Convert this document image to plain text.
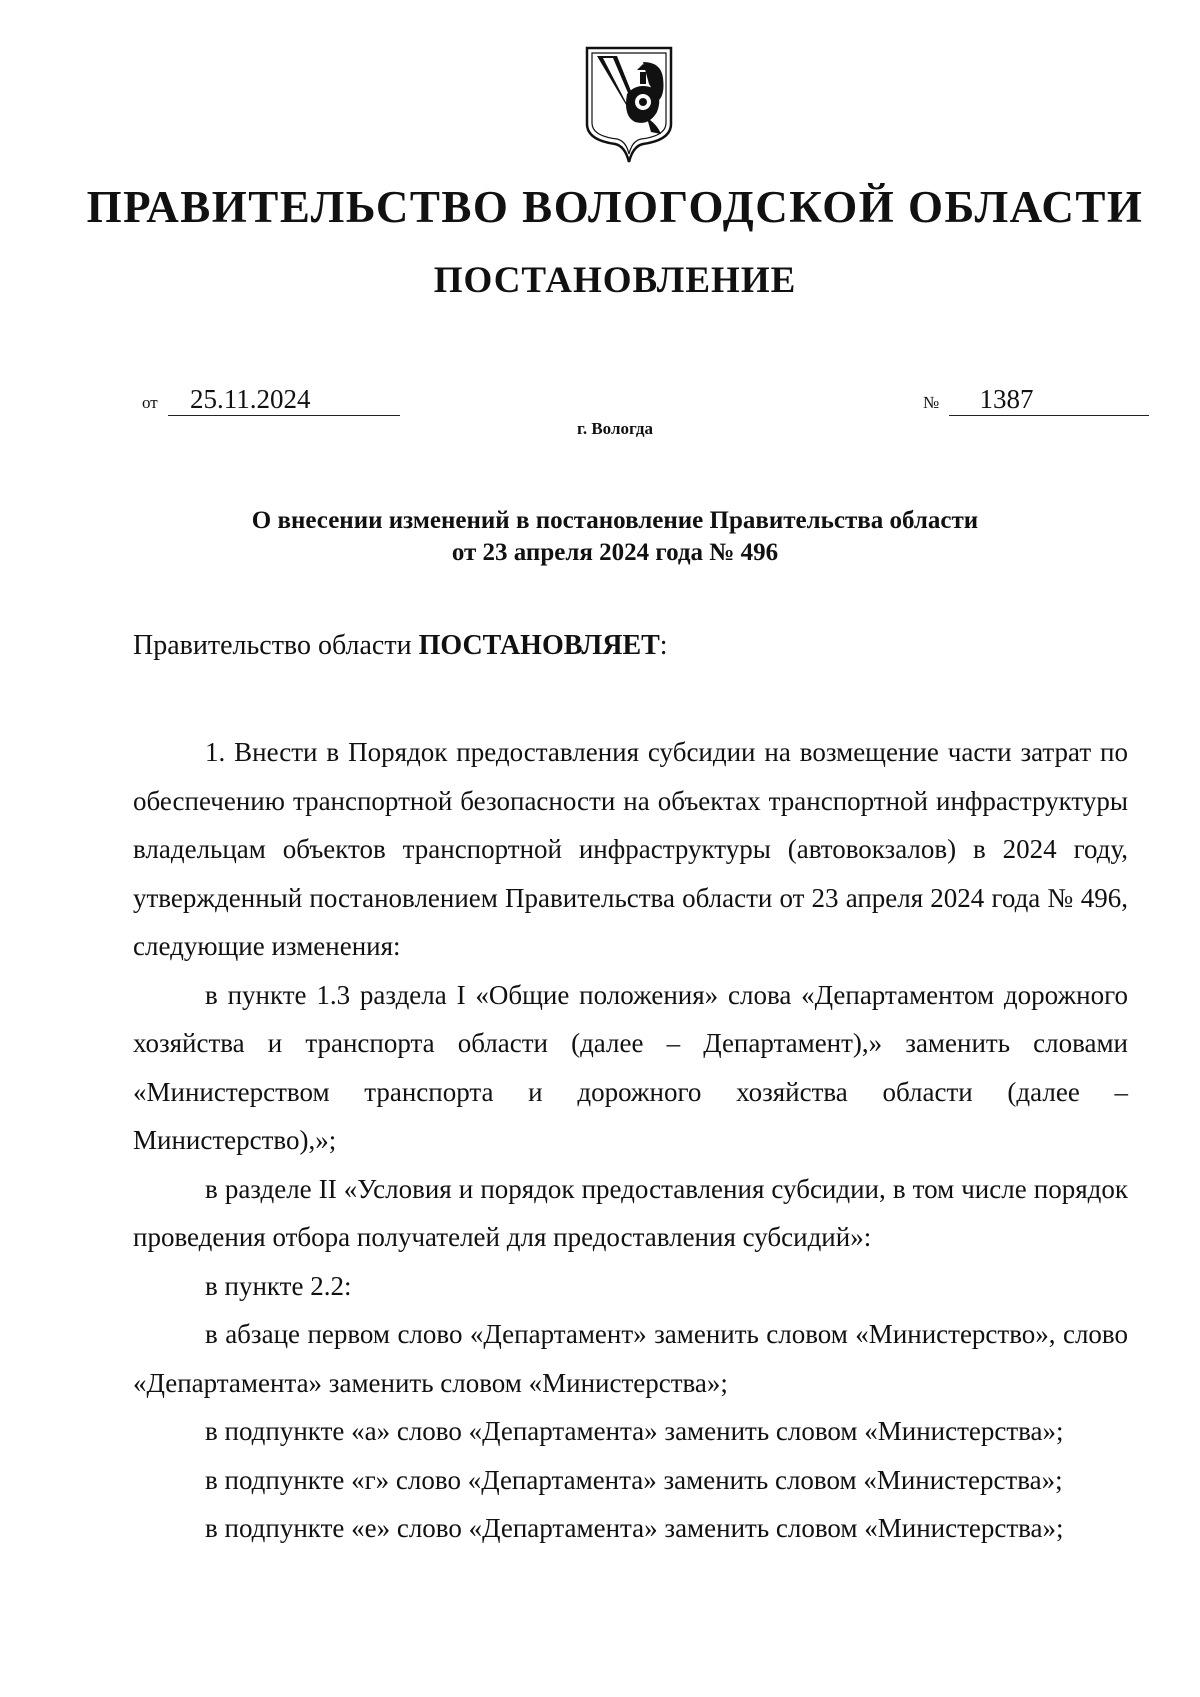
ПРАВИТЕЛЬСТВО ВОЛОГОДСКОЙ ОБЛАСТИ
ПОСТАНОВЛЕНИЕ
от 25.11.2024	№ 1387
г. Вологда
О внесении изменений в постановление Правительства области
от 23 апреля 2024 года № 496

Правительство области ПОСТАНОВЛЯЕТ:

1. Внести в Порядок предоставления субсидии на возмещение части затрат по обеспечению транспортной безопасности на объектах транспортной инфраструктуры владельцам объектов транспортной инфраструктуры (автовокзалов) в 2024 году, утвержденный постановлением Правительства области от 23 апреля 2024 года № 496, следующие изменения:

в пункте 1.3 раздела I «Общие положения» слова «Департаментом дорожного хозяйства и транспорта области (далее – Департамент),» заменить словами «Министерством транспорта и дорожного хозяйства области (далее – Министерство),»;

в разделе II «Условия и порядок предоставления субсидии, в том числе порядок проведения отбора получателей для предоставления субсидий»:

в пункте 2.2:

в абзаце первом слово «Департамент» заменить словом «Министерство», слово «Департамента» заменить словом «Министерства»;

в подпункте «а» слово «Департамента» заменить словом «Министерства»;

в подпункте «г» слово «Департамента» заменить словом «Министерства»;

в подпункте «е» слово «Департамента» заменить словом «Министерства»;
